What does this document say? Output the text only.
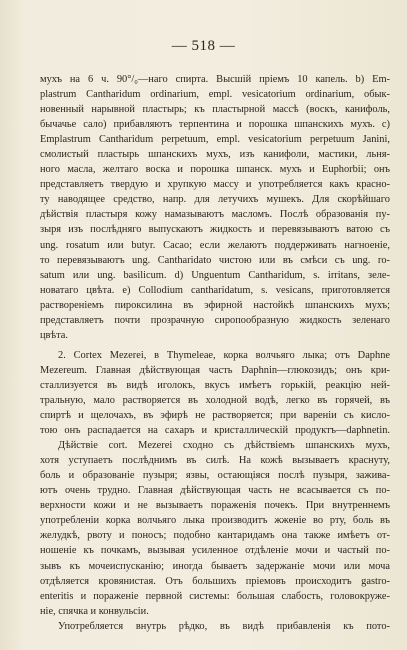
— 518 —
мухъ на 6 ч. 90°/₀—наго спирта. Высшій пріемъ 10 капель. b) Em-
plastrum Cantharidum ordinarium, empl. vesicatorium ordinarium, обык-
новенный нарывной пластырь; къ пластырной массѣ (воскъ, канифоль,
бычачье сало) прибавляютъ терпентина и порошка шпанскихъ мухъ. c)
Emplastrum Cantharidum perpetuum, empl. vesicatorium perpetuum Janini,
смолистый пластырь шпанскихъ мухъ, изъ канифоли, мастики, льня-
ного масла, желтаго воска и порошка шпанск. мухъ и Euphorbii; онъ
представляетъ твердую и хрупкую массу и употребляется какъ красно-
ту наводящее средство, напр. для летучихъ мушекъ. Для скорѣйшаго
дѣйствія пластыря кожу намазываютъ масломъ. Послѣ образованія пу-
зыря изъ послѣдняго выпускаютъ жидкость и перевязываютъ ватою съ
ung. rosatum или butyr. Cacao; если желаютъ поддерживать нагноеніе,
то перевязываютъ ung. Cantharidato чистою или въ смѣси съ ung. ro-
satum или ung. basilicum. d) Unguentum Cantharidum, s. irritans, зеле-
новатаго цвѣта. e) Collodium cantharidatum, s. vesicans, приготовляется
раствореніемъ пироксилина въ эфирной настойкѣ шпанскихъ мухъ;
представляетъ почти прозрачную сиропообразную жидкость зеленаго
цвѣта.
2. Cortex Mezerei, в Thymeleae, корка волчьяго лыка; отъ Daphne
Mezereum. Главная дѣйствующая часть Daphnin—глюкозидъ; онъ кри-
сталлизуется въ видѣ иголокъ, вкусъ имѣетъ горькій, реакцію ней-
тральную, мало растворяется въ холодной водѣ, легко въ горячей, въ
спиртѣ и щелочахъ, въ эфирѣ не растворяется; при вареніи съ кисло-
тою онъ распадается на сахаръ и кристаллическій продуктъ—daphnetin.
Дѣйствіе cort. Mezerei сходно съ дѣйствіемъ шпанскихъ мухъ,
хотя уступаетъ послѣднимъ въ силѣ. На кожѣ вызываетъ краснуту,
боль и образованіе пузыря; язвы, остающіяся послѣ пузыря, зажива-
ютъ очень трудно. Главная дѣйствующая часть не всасывается съ по-
верхности кожи и не вызываетъ пораженія почекъ. При внутреннемъ
употребленіи корка волчьяго лыка производитъ жженіе во рту, боль въ
желудкѣ, рвоту и поносъ; подобно кантаридамъ она также имѣетъ от-
ношеніе къ почкамъ, вызывая усиленное отдѣленіе мочи и частый по-
зывъ къ мочеиспусканію; иногда бываетъ задержаніе мочи или моча
отдѣляется кровянистая. Отъ большихъ пріемовъ происходитъ gastro-
enteritis и пораженіе первной системы: большая слабость, головокруже-
ніе, спячка и конвульсіи.
Употребляется внутрь рѣдко, въ видѣ прибавленія къ пото-
